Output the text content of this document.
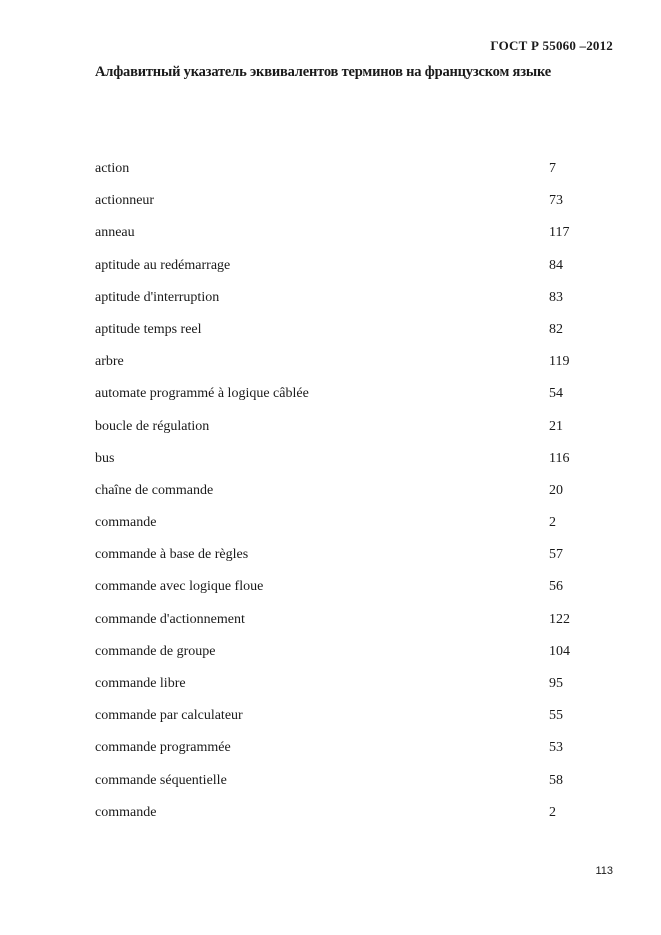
ГОСТ Р 55060 –2012
Алфавитный указатель эквивалентов терминов на французском языке
action	7
actionneur	73
anneau	117
aptitude au redémarrage	84
aptitude d'interruption	83
aptitude temps reel	82
arbre	119
automate programmé à logique câblée	54
boucle de régulation	21
bus	116
chaîne de commande	20
commande	2
commande à base de règles	57
commande avec logique floue	56
commande d'actionnement	122
commande de groupe	104
commande libre	95
commande par calculateur	55
commande programmée	53
commande séquentielle	58
commande	2
113
